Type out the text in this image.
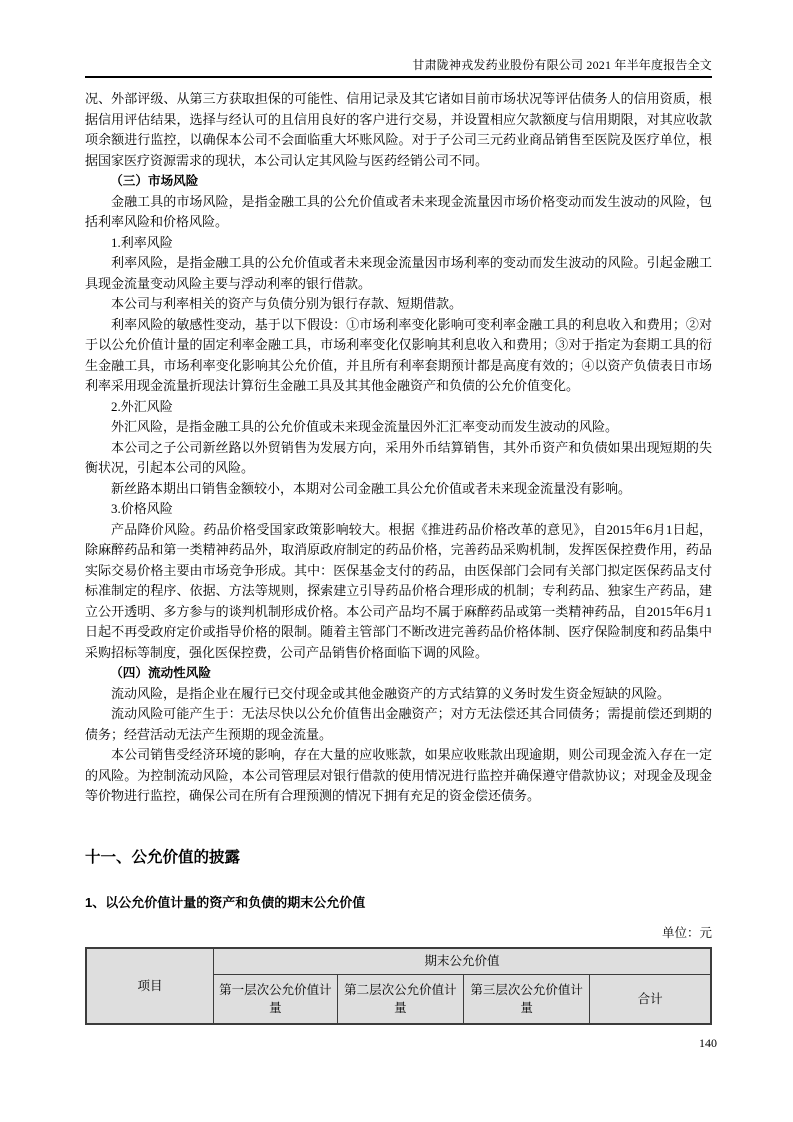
甘肃陇神戎发药业股份有限公司 2021 年半年度报告全文

况、外部评级、从第三方获取担保的可能性、信用记录及其它诸如目前市场状况等评估债务人的信用资质，根据信用评估结果，选择与经认可的且信用良好的客户进行交易，并设置相应欠款额度与信用期限，对其应收款项余额进行监控，以确保本公司不会面临重大坏账风险。对于子公司三元药业商品销售至医院及医疗单位，根据国家医疗资源需求的现状，本公司认定其风险与医药经销公司不同。

（三）市场风险

金融工具的市场风险，是指金融工具的公允价值或者未来现金流量因市场价格变动而发生波动的风险，包括利率风险和价格风险。

1.利率风险

利率风险，是指金融工具的公允价值或者未来现金流量因市场利率的变动而发生波动的风险。引起金融工具现金流量变动风险主要与浮动利率的银行借款。

本公司与利率相关的资产与负债分别为银行存款、短期借款。

利率风险的敏感性变动，基于以下假设：①市场利率变化影响可变利率金融工具的利息收入和费用；②对于以公允价值计量的固定利率金融工具，市场利率变化仅影响其利息收入和费用；③对于指定为套期工具的衍生金融工具，市场利率变化影响其公允价值，并且所有利率套期预计都是高度有效的；④以资产负债表日市场利率采用现金流量折现法计算衍生金融工具及其其他金融资产和负债的公允价值变化。

2.外汇风险

外汇风险，是指金融工具的公允价值或未来现金流量因外汇汇率变动而发生波动的风险。

本公司之子公司新丝路以外贸销售为发展方向，采用外币结算销售，其外币资产和负债如果出现短期的失衡状况，引起本公司的风险。

新丝路本期出口销售金额较小，本期对公司金融工具公允价值或者未来现金流量没有影响。

3.价格风险

产品降价风险。药品价格受国家政策影响较大。根据《推进药品价格改革的意见》，自2015年6月1日起，除麻醉药品和第一类精神药品外，取消原政府制定的药品价格，完善药品采购机制，发挥医保控费作用，药品实际交易价格主要由市场竞争形成。其中：医保基金支付的药品，由医保部门会同有关部门拟定医保药品支付标准制定的程序、依据、方法等规则，探索建立引导药品价格合理形成的机制；专利药品、独家生产药品，建立公开透明、多方参与的谈判机制形成价格。本公司产品均不属于麻醉药品或第一类精神药品，自2015年6月1日起不再受政府定价或指导价格的限制。随着主管部门不断改进完善药品价格体制、医疗保险制度和药品集中采购招标等制度，强化医保控费，公司产品销售价格面临下调的风险。

（四）流动性风险

流动风险，是指企业在履行已交付现金或其他金融资产的方式结算的义务时发生资金短缺的风险。

流动风险可能产生于：无法尽快以公允价值售出金融资产；对方无法偿还其合同债务；需提前偿还到期的债务；经营活动无法产生预期的现金流量。

本公司销售受经济环境的影响，存在大量的应收账款，如果应收账款出现逾期，则公司现金流入存在一定的风险。为控制流动风险，本公司管理层对银行借款的使用情况进行监控并确保遵守借款协议；对现金及现金等价物进行监控，确保公司在所有合理预测的情况下拥有充足的资金偿还债务。

十一、公允价值的披露
1、以公允价值计量的资产和负债的期末公允价值
单位：元
项目	期末公允价值			
	第一层次公允价值计量	第二层次公允价值计量	第三层次公允价值计量	合计
140
